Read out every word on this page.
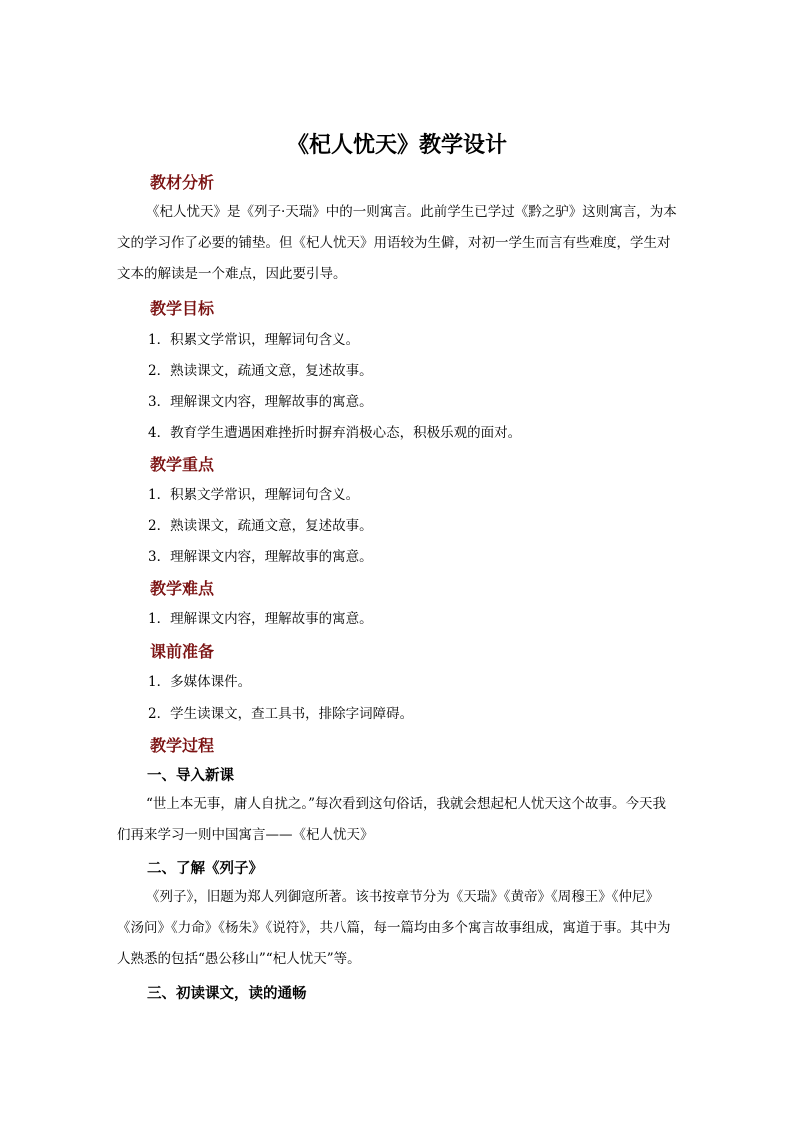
《杞人忧天》教学设计
教材分析
《杞人忧天》是《列子·天瑞》中的一则寓言。此前学生已学过《黔之驴》这则寓言，为本文的学习作了必要的铺垫。但《杞人忧天》用语较为生僻，对初一学生而言有些难度，学生对文本的解读是一个难点，因此要引导。
教学目标
1．积累文学常识，理解词句含义。
2．熟读课文，疏通文意，复述故事。
3．理解课文内容，理解故事的寓意。
4．教育学生遭遇困难挫折时摒弃消极心态，积极乐观的面对。
教学重点
1．积累文学常识，理解词句含义。
2．熟读课文，疏通文意，复述故事。
3．理解课文内容，理解故事的寓意。
教学难点
1．理解课文内容，理解故事的寓意。
课前准备
1．多媒体课件。
2．学生读课文，查工具书，排除字词障碍。
教学过程
一、导入新课
“世上本无事，庸人自扰之。”每次看到这句俗话，我就会想起杞人忧天这个故事。今天我们再来学习一则中国寓言——《杞人忧天》
二、了解《列子》
《列子》，旧题为郑人列御寇所著。该书按章节分为《天瑞》《黄帝》《周穆王》《仲尼》《汤问》《力命》《杨朱》《说符》，共八篇，每一篇均由多个寓言故事组成，寓道于事。其中为人熟悉的包括“愚公移山”“杞人忧天”等。
三、初读课文，读的通畅
